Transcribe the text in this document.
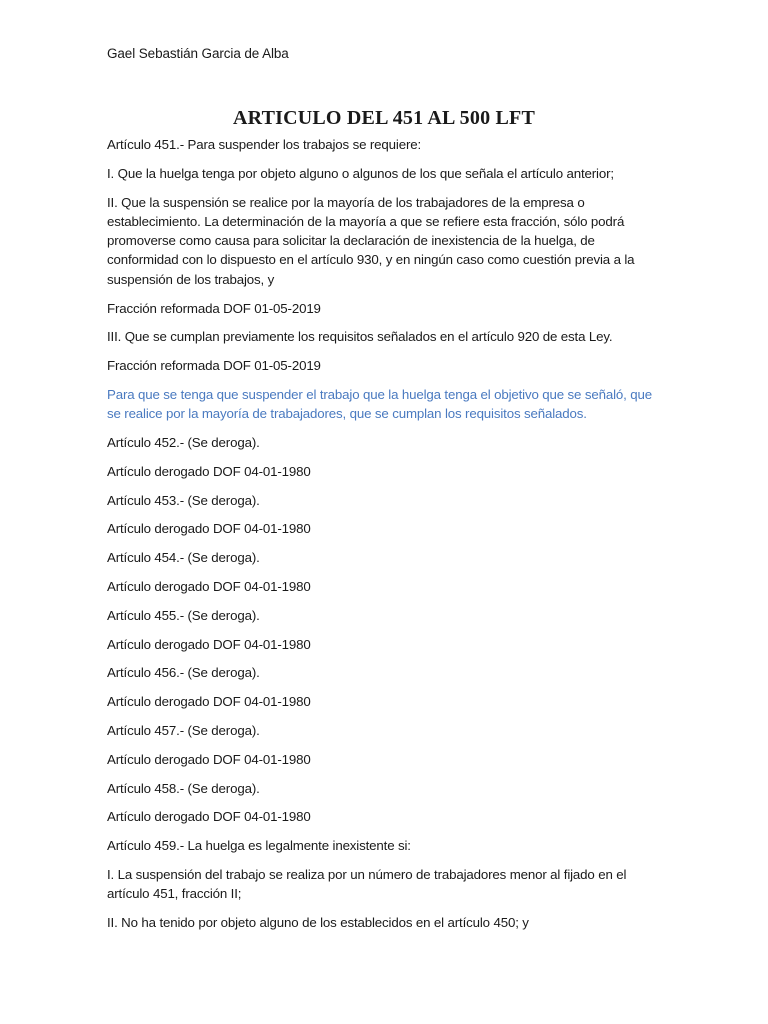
Gael Sebastián Garcia de Alba
ARTICULO DEL 451 AL 500 LFT

Artículo 451.- Para suspender los trabajos se requiere:

I. Que la huelga tenga por objeto alguno o algunos de los que señala el artículo anterior;

II. Que la suspensión se realice por la mayoría de los trabajadores de la empresa o establecimiento. La determinación de la mayoría a que se refiere esta fracción, sólo podrá promoverse como causa para solicitar la declaración de inexistencia de la huelga, de conformidad con lo dispuesto en el artículo 930, y en ningún caso como cuestión previa a la suspensión de los trabajos, y

Fracción reformada DOF 01-05-2019

III. Que se cumplan previamente los requisitos señalados en el artículo 920 de esta Ley.

Fracción reformada DOF 01-05-2019

Para que se tenga que suspender el trabajo que la huelga tenga el objetivo que se señaló, que se realice por la mayoría de trabajadores, que se cumplan los requisitos señalados.

Artículo 452.- (Se deroga).

Artículo derogado DOF 04-01-1980

Artículo 453.- (Se deroga).

Artículo derogado DOF 04-01-1980

Artículo 454.- (Se deroga).

Artículo derogado DOF 04-01-1980

Artículo 455.- (Se deroga).

Artículo derogado DOF 04-01-1980

Artículo 456.- (Se deroga).

Artículo derogado DOF 04-01-1980

Artículo 457.- (Se deroga).

Artículo derogado DOF 04-01-1980

Artículo 458.- (Se deroga).

Artículo derogado DOF 04-01-1980

Artículo 459.- La huelga es legalmente inexistente si:

I. La suspensión del trabajo se realiza por un número de trabajadores menor al fijado en el artículo 451, fracción II;

II. No ha tenido por objeto alguno de los establecidos en el artículo 450; y
